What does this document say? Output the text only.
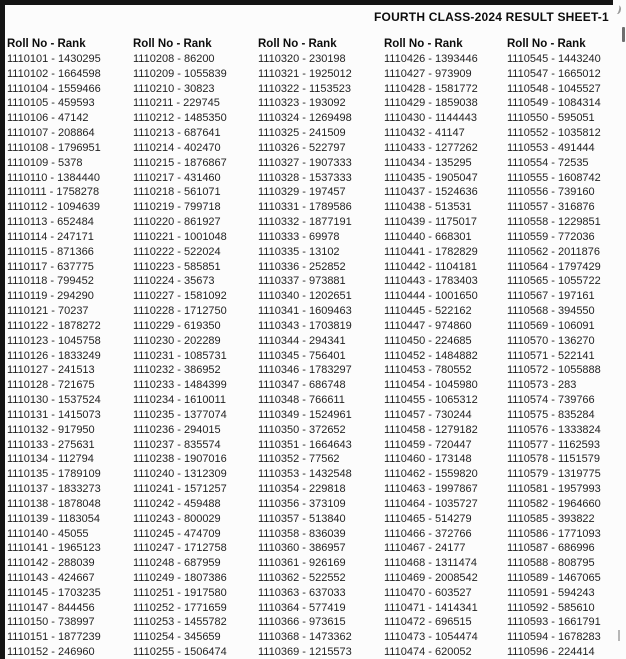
FOURTH CLASS-2024 RESULT SHEET-1
Roll No - Rank
1110101 - 1430295
1110102 - 1664598
1110104 - 1559466
1110105 - 459593
1110106 - 47142
1110107 - 208864
1110108 - 1796951
1110109 - 5378
1110110 - 1384440
1110111 - 1758278
1110112 - 1094639
1110113 - 652484
1110114 - 247171
1110115 - 871366
1110117 - 637775
1110118 - 799452
1110119 - 294290
1110121 - 70237
1110122 - 1878272
1110123 - 1045758
1110126 - 1833249
1110127 - 241513
1110128 - 721675
1110130 - 1537524
1110131 - 1415073
1110132 - 917950
1110133 - 275631
1110134 - 112794
1110135 - 1789109
1110137 - 1833273
1110138 - 1878048
1110139 - 1183054
1110140 - 45055
1110141 - 1965123
1110142 - 288039
1110143 - 424667
1110145 - 1703235
1110147 - 844456
1110150 - 738997
1110151 - 1877239
1110152 - 246960
Roll No - Rank
1110208 - 86200
1110209 - 1055839
1110210 - 30823
1110211 - 229745
1110212 - 1485350
1110213 - 687641
1110214 - 402470
1110215 - 1876867
1110217 - 431460
1110218 - 561071
1110219 - 799718
1110220 - 861927
1110221 - 1001048
1110222 - 522024
1110223 - 585851
1110224 - 35673
1110227 - 1581092
1110228 - 1712750
1110229 - 619350
1110230 - 202289
1110231 - 1085731
1110232 - 386952
1110233 - 1484399
1110234 - 1610011
1110235 - 1377074
1110236 - 294015
1110237 - 835574
1110238 - 1907016
1110240 - 1312309
1110241 - 1571257
1110242 - 459488
1110243 - 800029
1110245 - 474709
1110247 - 1712758
1110248 - 687959
1110249 - 1807386
1110251 - 1917580
1110252 - 1771659
1110253 - 1455782
1110254 - 345659
1110255 - 1506474
Roll No - Rank
1110320 - 230198
1110321 - 1925012
1110322 - 1153523
1110323 - 193092
1110324 - 1269498
1110325 - 241509
1110326 - 522797
1110327 - 1907333
1110328 - 1537333
1110329 - 197457
1110331 - 1789586
1110332 - 1877191
1110333 - 69978
1110335 - 13102
1110336 - 252852
1110337 - 973881
1110340 - 1202651
1110341 - 1609463
1110343 - 1703819
1110344 - 294341
1110345 - 756401
1110346 - 1783297
1110347 - 686748
1110348 - 766611
1110349 - 1524961
1110350 - 372652
1110351 - 1664643
1110352 - 77562
1110353 - 1432548
1110354 - 229818
1110356 - 373109
1110357 - 513840
1110358 - 836039
1110360 - 386957
1110361 - 926169
1110362 - 522552
1110363 - 637033
1110364 - 577419
1110366 - 973615
1110368 - 1473362
1110369 - 1215573
Roll No - Rank
1110426 - 1393446
1110427 - 973909
1110428 - 1581772
1110429 - 1859038
1110430 - 1144443
1110432 - 41147
1110433 - 1277262
1110434 - 135295
1110435 - 1905047
1110437 - 1524636
1110438 - 513531
1110439 - 1175017
1110440 - 668301
1110441 - 1782829
1110442 - 1104181
1110443 - 1783403
1110444 - 1001650
1110445 - 522162
1110447 - 974860
1110450 - 224685
1110452 - 1484882
1110453 - 780552
1110454 - 1045980
1110455 - 1065312
1110457 - 730244
1110458 - 1279182
1110459 - 720447
1110460 - 173148
1110462 - 1559820
1110463 - 1997867
1110464 - 1035727
1110465 - 514279
1110466 - 372766
1110467 - 24177
1110468 - 1311474
1110469 - 2008542
1110470 - 603527
1110471 - 1414341
1110472 - 696515
1110473 - 1054474
1110474 - 620052
Roll No - Rank
1110545 - 1443240
1110547 - 1665012
1110548 - 1045527
1110549 - 1084314
1110550 - 595051
1110552 - 1035812
1110553 - 491444
1110554 - 72535
1110555 - 1608742
1110556 - 739160
1110557 - 316876
1110558 - 1229851
1110559 - 772036
1110562 - 2011876
1110564 - 1797429
1110565 - 1055722
1110567 - 197161
1110568 - 394550
1110569 - 106091
1110570 - 136270
1110571 - 522141
1110572 - 1055888
1110573 - 283
1110574 - 739766
1110575 - 835284
1110576 - 1333824
1110577 - 1162593
1110578 - 1151579
1110579 - 1319775
1110581 - 1957993
1110582 - 1964660
1110585 - 393822
1110586 - 1771093
1110587 - 686996
1110588 - 808795
1110589 - 1467065
1110591 - 594243
1110592 - 585610
1110593 - 1661791
1110594 - 1678283
1110596 - 224414
